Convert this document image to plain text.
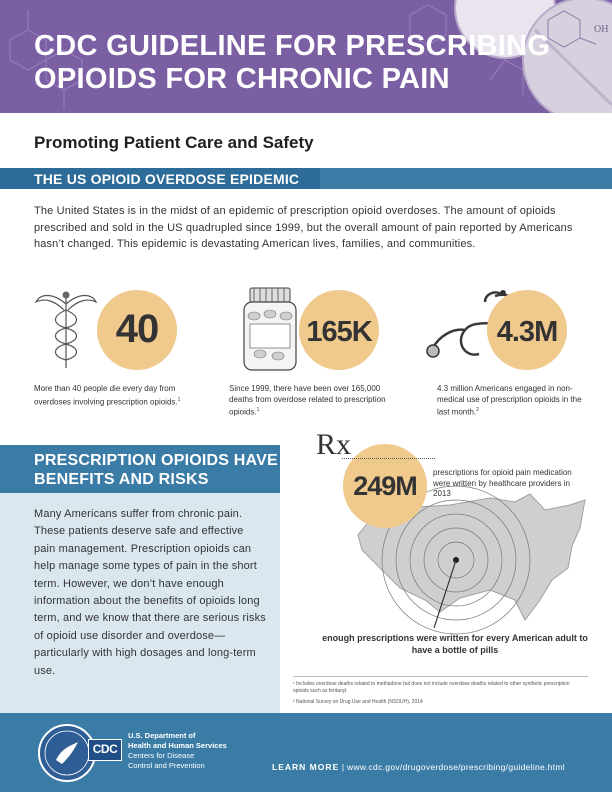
OH
CDC GUIDELINE FOR PRESCRIBING OPIOIDS FOR CHRONIC PAIN
Promoting Patient Care and Safety
THE US OPIOID OVERDOSE EPIDEMIC
The United States is in the midst of an epidemic of prescription opioid overdoses. The amount of opioids prescribed and sold in the US quadrupled since 1999, but the overall amount of pain reported by Americans hasn’t changed. This epidemic is devastating American lives, families, and communities.
40
More than 40 people die every day from overdoses involving prescription opioids.$^1$
165K
Since 1999, there have been over 165,000 deaths from overdose related to prescription opioids.$^1$
4.3M
4.3 million Americans engaged in non-medical use of prescription opioids in the last month.$^2$
PRESCRIPTION OPIOIDS HAVE BENEFITS AND RISKS
Many Americans suffer from chronic pain. These patients deserve safe and effective pain management. Prescription opioids can help manage some types of pain in the short term. However, we don’t have enough information about the benefits of opioids long term, and we know that there are serious risks of opioid use disorder and overdose—particularly with high dosages and long-term use.
Rx
249M	prescriptions for opioid pain medication were written by healthcare providers in 2013
enough prescriptions were written for every American adult to have a bottle of pills
¹ Includes overdose deaths related to methadone but does not include overdose deaths related to other synthetic prescription opioids such as fentanyl.
² National Survey on Drug Use and Health (NSDUH), 2014
CDC
U.S. Department of
Health and Human Services
Centers for Disease
Control and Prevention	LEARN MORE | www.cdc.gov/drugoverdose/prescribing/guideline.html
